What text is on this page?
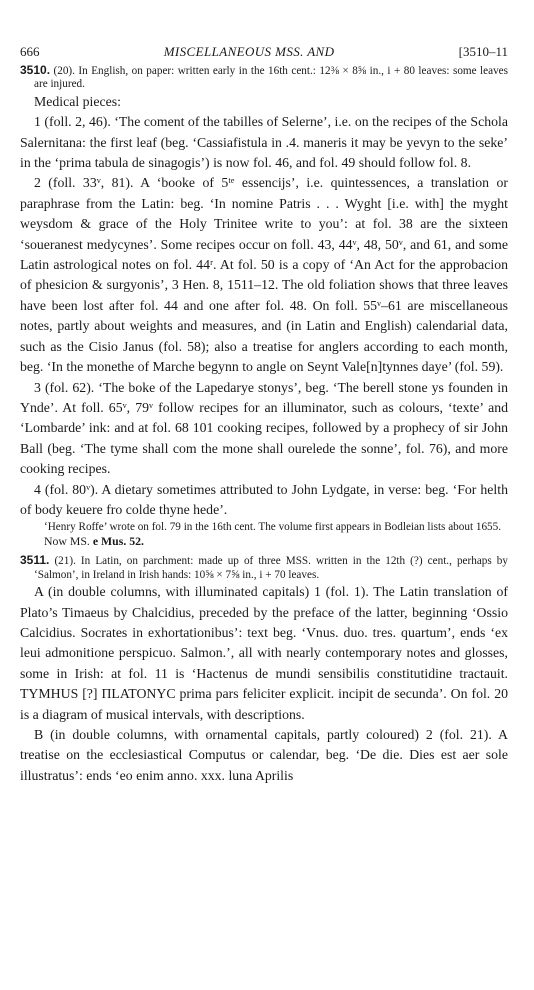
666	MISCELLANEOUS MSS. AND	[3510–11
3510. (20). In English, on paper: written early in the 16th cent.: 12⅜ × 8⅝ in., i + 80 leaves: some leaves are injured.

Medical pieces:

1 (foll. 2, 46). ‘The coment of the tabilles of Selerne’, i.e. on the recipes of the Schola Salernitana: the first leaf (beg. ‘Cassiafistula in .4. maneris it may be yevyn to the seke’ in the ‘prima tabula de sinagogis’) is now fol. 46, and fol. 49 should follow fol. 8.

2 (foll. 33ᵛ, 81). A ‘booke of 5ᵗᵉ essencijs’, i.e. quintessences, a translation or paraphrase from the Latin: beg. ‘In nomine Patris . . . Wyght [i.e. with] the myght weysdom & grace of the Holy Trinitee write to you’: at fol. 38 are the sixteen ‘soueranest medycynes’. Some recipes occur on foll. 43, 44ᵛ, 48, 50ᵛ, and 61, and some Latin astrological notes on fol. 44ʳ. At fol. 50 is a copy of ‘An Act for the approbacion of phesicion & surgyonis’, 3 Hen. 8, 1511–12. The old foliation shows that three leaves have been lost after fol. 44 and one after fol. 48. On foll. 55ᵛ–61 are miscellaneous notes, partly about weights and measures, and (in Latin and English) calendarial data, such as the Cisio Janus (fol. 58); also a treatise for anglers according to each month, beg. ‘In the monethe of Marche begynn to angle on Seynt Vale[n]tynnes daye’ (fol. 59).

3 (fol. 62). ‘The boke of the Lapedarye stonys’, beg. ‘The berell stone ys founden in Ynde’. At foll. 65ᵛ, 79ᵛ follow recipes for an illuminator, such as colours, ‘texte’ and ‘Lombarde’ ink: and at fol. 68 101 cooking recipes, followed by a prophecy of sir John Ball (beg. ‘The tyme shall com the mone shall ourelede the sonne’, fol. 76), and more cooking recipes.

4 (fol. 80ᵛ). A dietary sometimes attributed to John Lydgate, in verse: beg. ‘For helth of body keuere fro colde thyne hede’.

‘Henry Roffe’ wrote on fol. 79 in the 16th cent. The volume first appears in Bodleian lists about 1655.
Now MS. e Mus. 52.
3511. (21). In Latin, on parchment: made up of three MSS. written in the 12th (?) cent., perhaps by ‘Salmon’, in Ireland in Irish hands: 10⅝ × 7⅝ in., i + 70 leaves.

A (in double columns, with illuminated capitals) 1 (fol. 1). The Latin translation of Plato’s Timaeus by Chalcidius, preceded by the preface of the latter, beginning ‘Ossio Calcidius. Socrates in exhortationibus’: text beg. ‘Vnus. duo. tres. quartum’, ends ‘ex leui admonitione perspicuo. Salmon.’, all with nearly contemporary notes and glosses, some in Irish: at fol. 11 is ‘Hactenus de mundi sensibilis constitutidine tractauit. TYMHUS [?] ΠLATONYC prima pars feliciter explicit. incipit de secunda’. On fol. 20 is a diagram of musical intervals, with descriptions.

B (in double columns, with ornamental capitals, partly coloured) 2 (fol. 21). A treatise on the ecclesiastical Computus or calendar, beg. ‘De die. Dies est aer sole illustratus’: ends ‘eo enim anno. xxx. luna Aprilis
